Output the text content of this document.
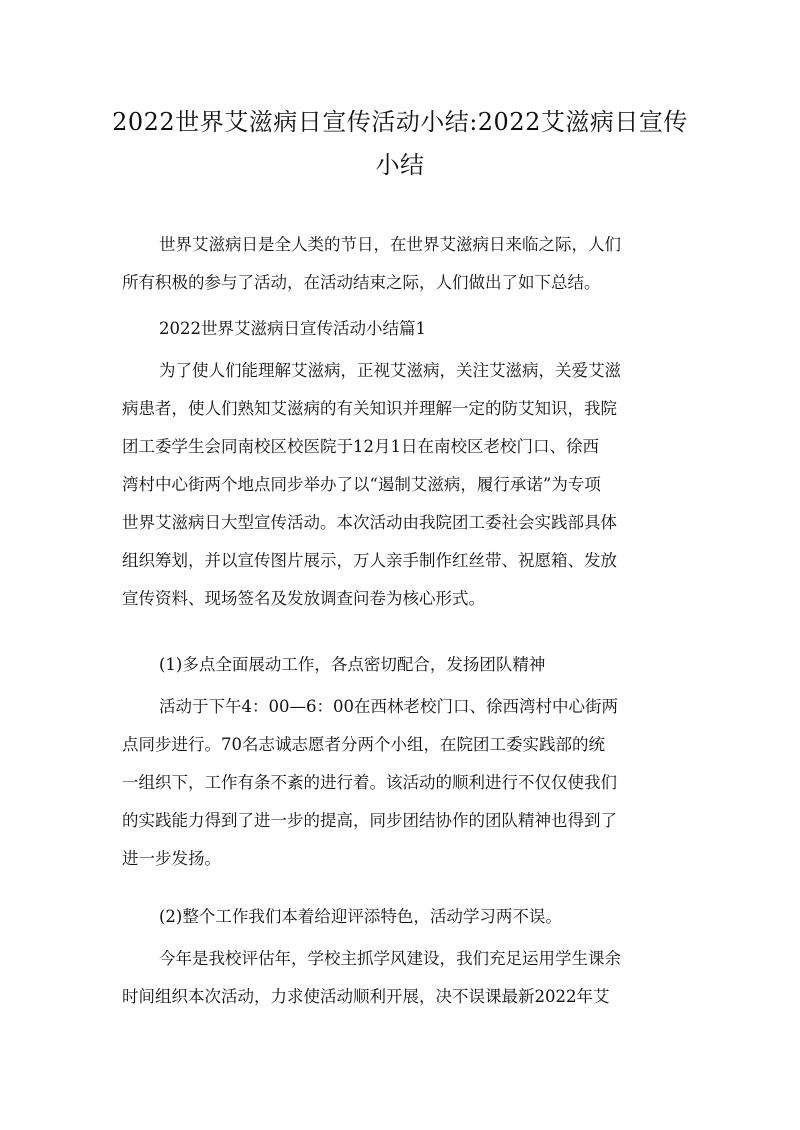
2022世界艾滋病日宣传活动小结:2022艾滋病日宣传
小结
世界艾滋病日是全人类的节日，在世界艾滋病日来临之际，人们
所有积极的参与了活动，在活动结束之际，人们做出了如下总结。
2022世界艾滋病日宣传活动小结篇1
为了使人们能理解艾滋病，正视艾滋病，关注艾滋病，关爱艾滋
病患者，使人们熟知艾滋病的有关知识并理解一定的防艾知识，我院
团工委学生会同南校区校医院于12月1日在南校区老校门口、徐西
湾村中心街两个地点同步举办了以“遏制艾滋病，履行承诺”为专项
世界艾滋病日大型宣传活动。本次活动由我院团工委社会实践部具体
组织筹划，并以宣传图片展示，万人亲手制作红丝带、祝愿箱、发放
宣传资料、现场签名及发放调查问卷为核心形式。
(1)多点全面展动工作，各点密切配合，发扬团队精神
活动于下午4：00—6：00在西林老校门口、徐西湾村中心街两
点同步进行。70名志诚志愿者分两个小组，在院团工委实践部的统
一组织下，工作有条不紊的进行着。该活动的顺利进行不仅仅使我们
的实践能力得到了进一步的提高，同步团结协作的团队精神也得到了
进一步发扬。
(2)整个工作我们本着给迎评添特色，活动学习两不误。
今年是我校评估年，学校主抓学风建设，我们充足运用学生课余
时间组织本次活动，力求使活动顺利开展，决不误课最新2022年艾
